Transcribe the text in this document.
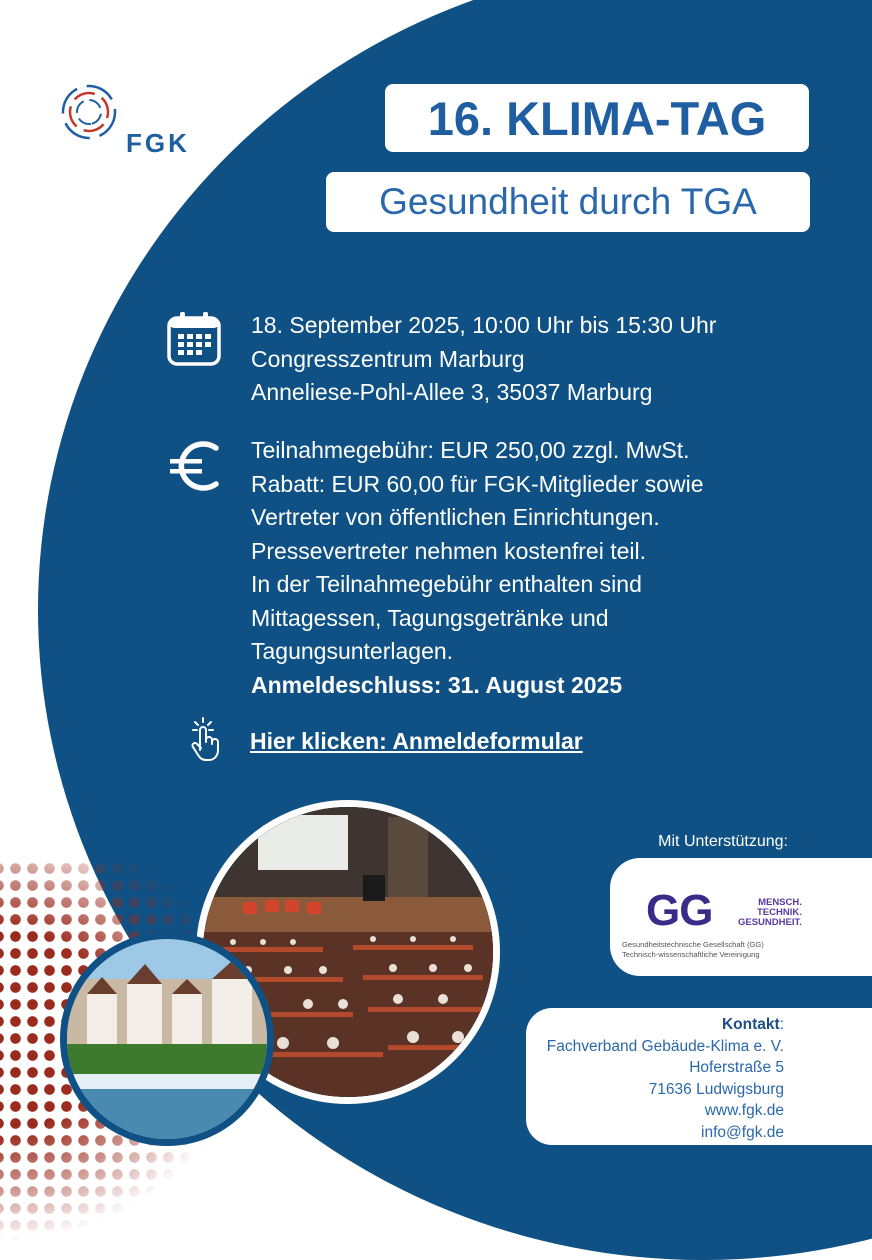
FGK	16. KLIMA-TAG
Gesundheit durch TGA
18. September 2025, 10:00 Uhr bis 15:30 Uhr
Congresszentrum Marburg
Anneliese-Pohl-Allee 3, 35037 Marburg
Teilnahmegebühr: EUR 250,00 zzgl. MwSt.
Rabatt: EUR 60,00 für FGK-Mitglieder sowie
Vertreter von öffentlichen Einrichtungen.
Pressevertreter nehmen kostenfrei teil.
In der Teilnahmegebühr enthalten sind
Mittagessen, Tagungsgetränke und
Tagungsunterlagen.
Anmeldeschluss: 31. August 2025
Hier klicken: Anmeldeformular
Mit Unterstützung:
GG	MENSCH.
TECHNIK.
GESUNDHEIT.
Gesundheitstechnische Gesellschaft (GG)
Technisch-wissenschaftliche Vereinigung
Kontakt:
Fachverband Gebäude-Klima e. V.
Hoferstraße 5
71636 Ludwigsburg
www.fgk.de
info@fgk.de
